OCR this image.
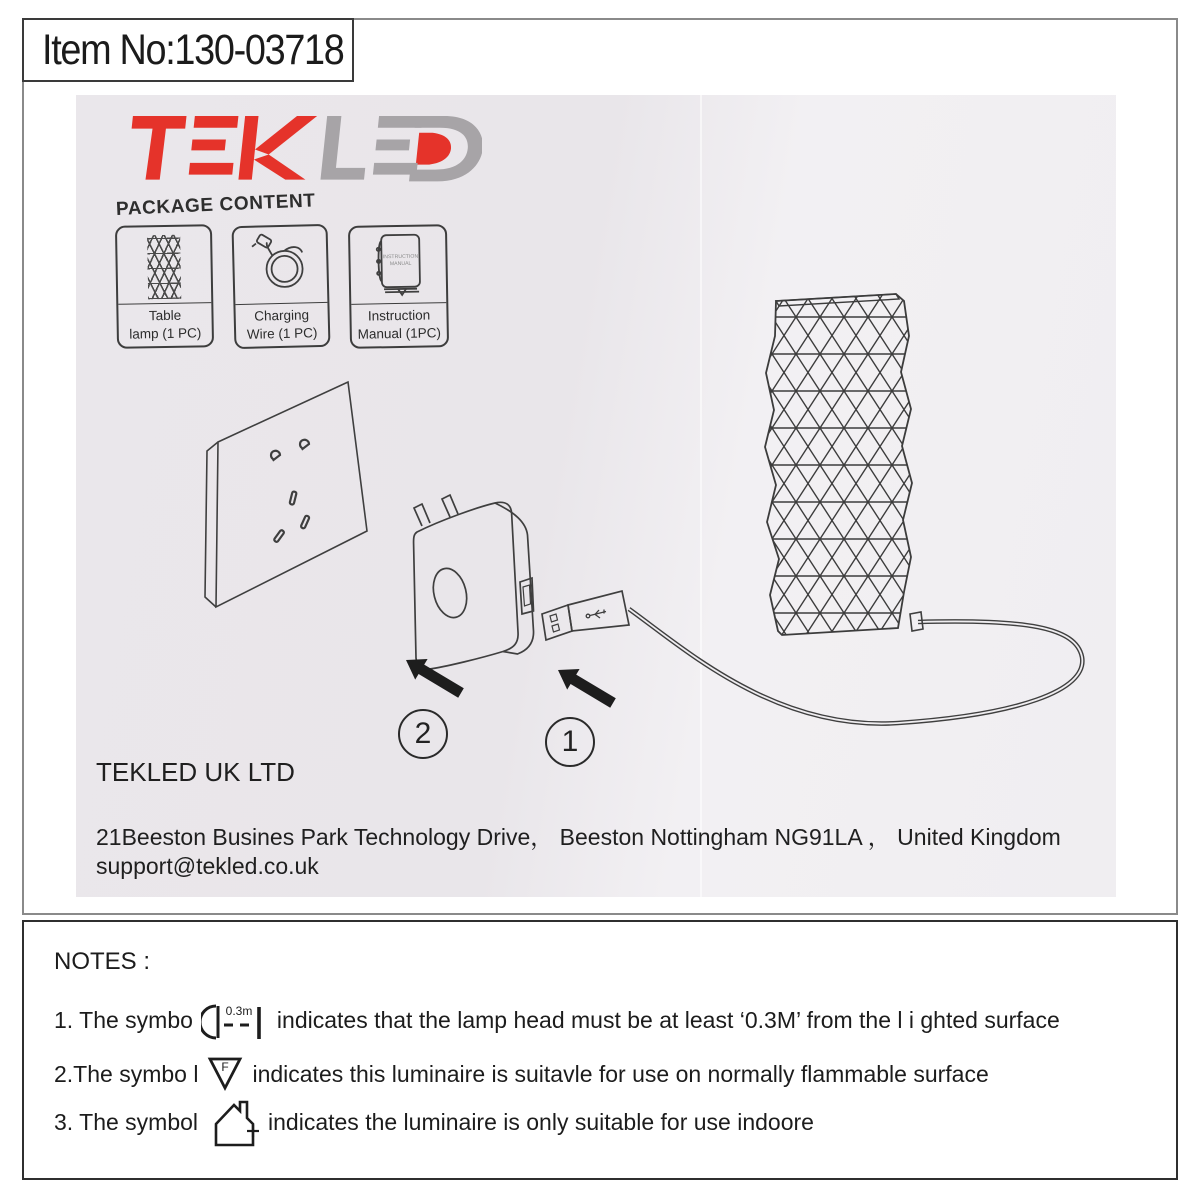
Item No:130-03718
PACKAGE CONTENT
Table
lamp (1 PC)
Charging
Wire (1 PC)
INSTRUCTION
MANUAL
Instruction
Manual (1PC)
2	1
TEKLED UK LTD
21Beeston Busines Park Technology Drive， Beeston Nottingham NG91LA ， United Kingdom
support@tekled.co.uk
NOTES :
1. The symbo	0.3m indicates that the lamp head must be at least ‘0.3M’ from the l i ghted surface
2.The symbo l F indicates this luminaire is suitavle for use on normally flammable surface
3. The symbol	indicates the luminaire is only suitable for use indoore
